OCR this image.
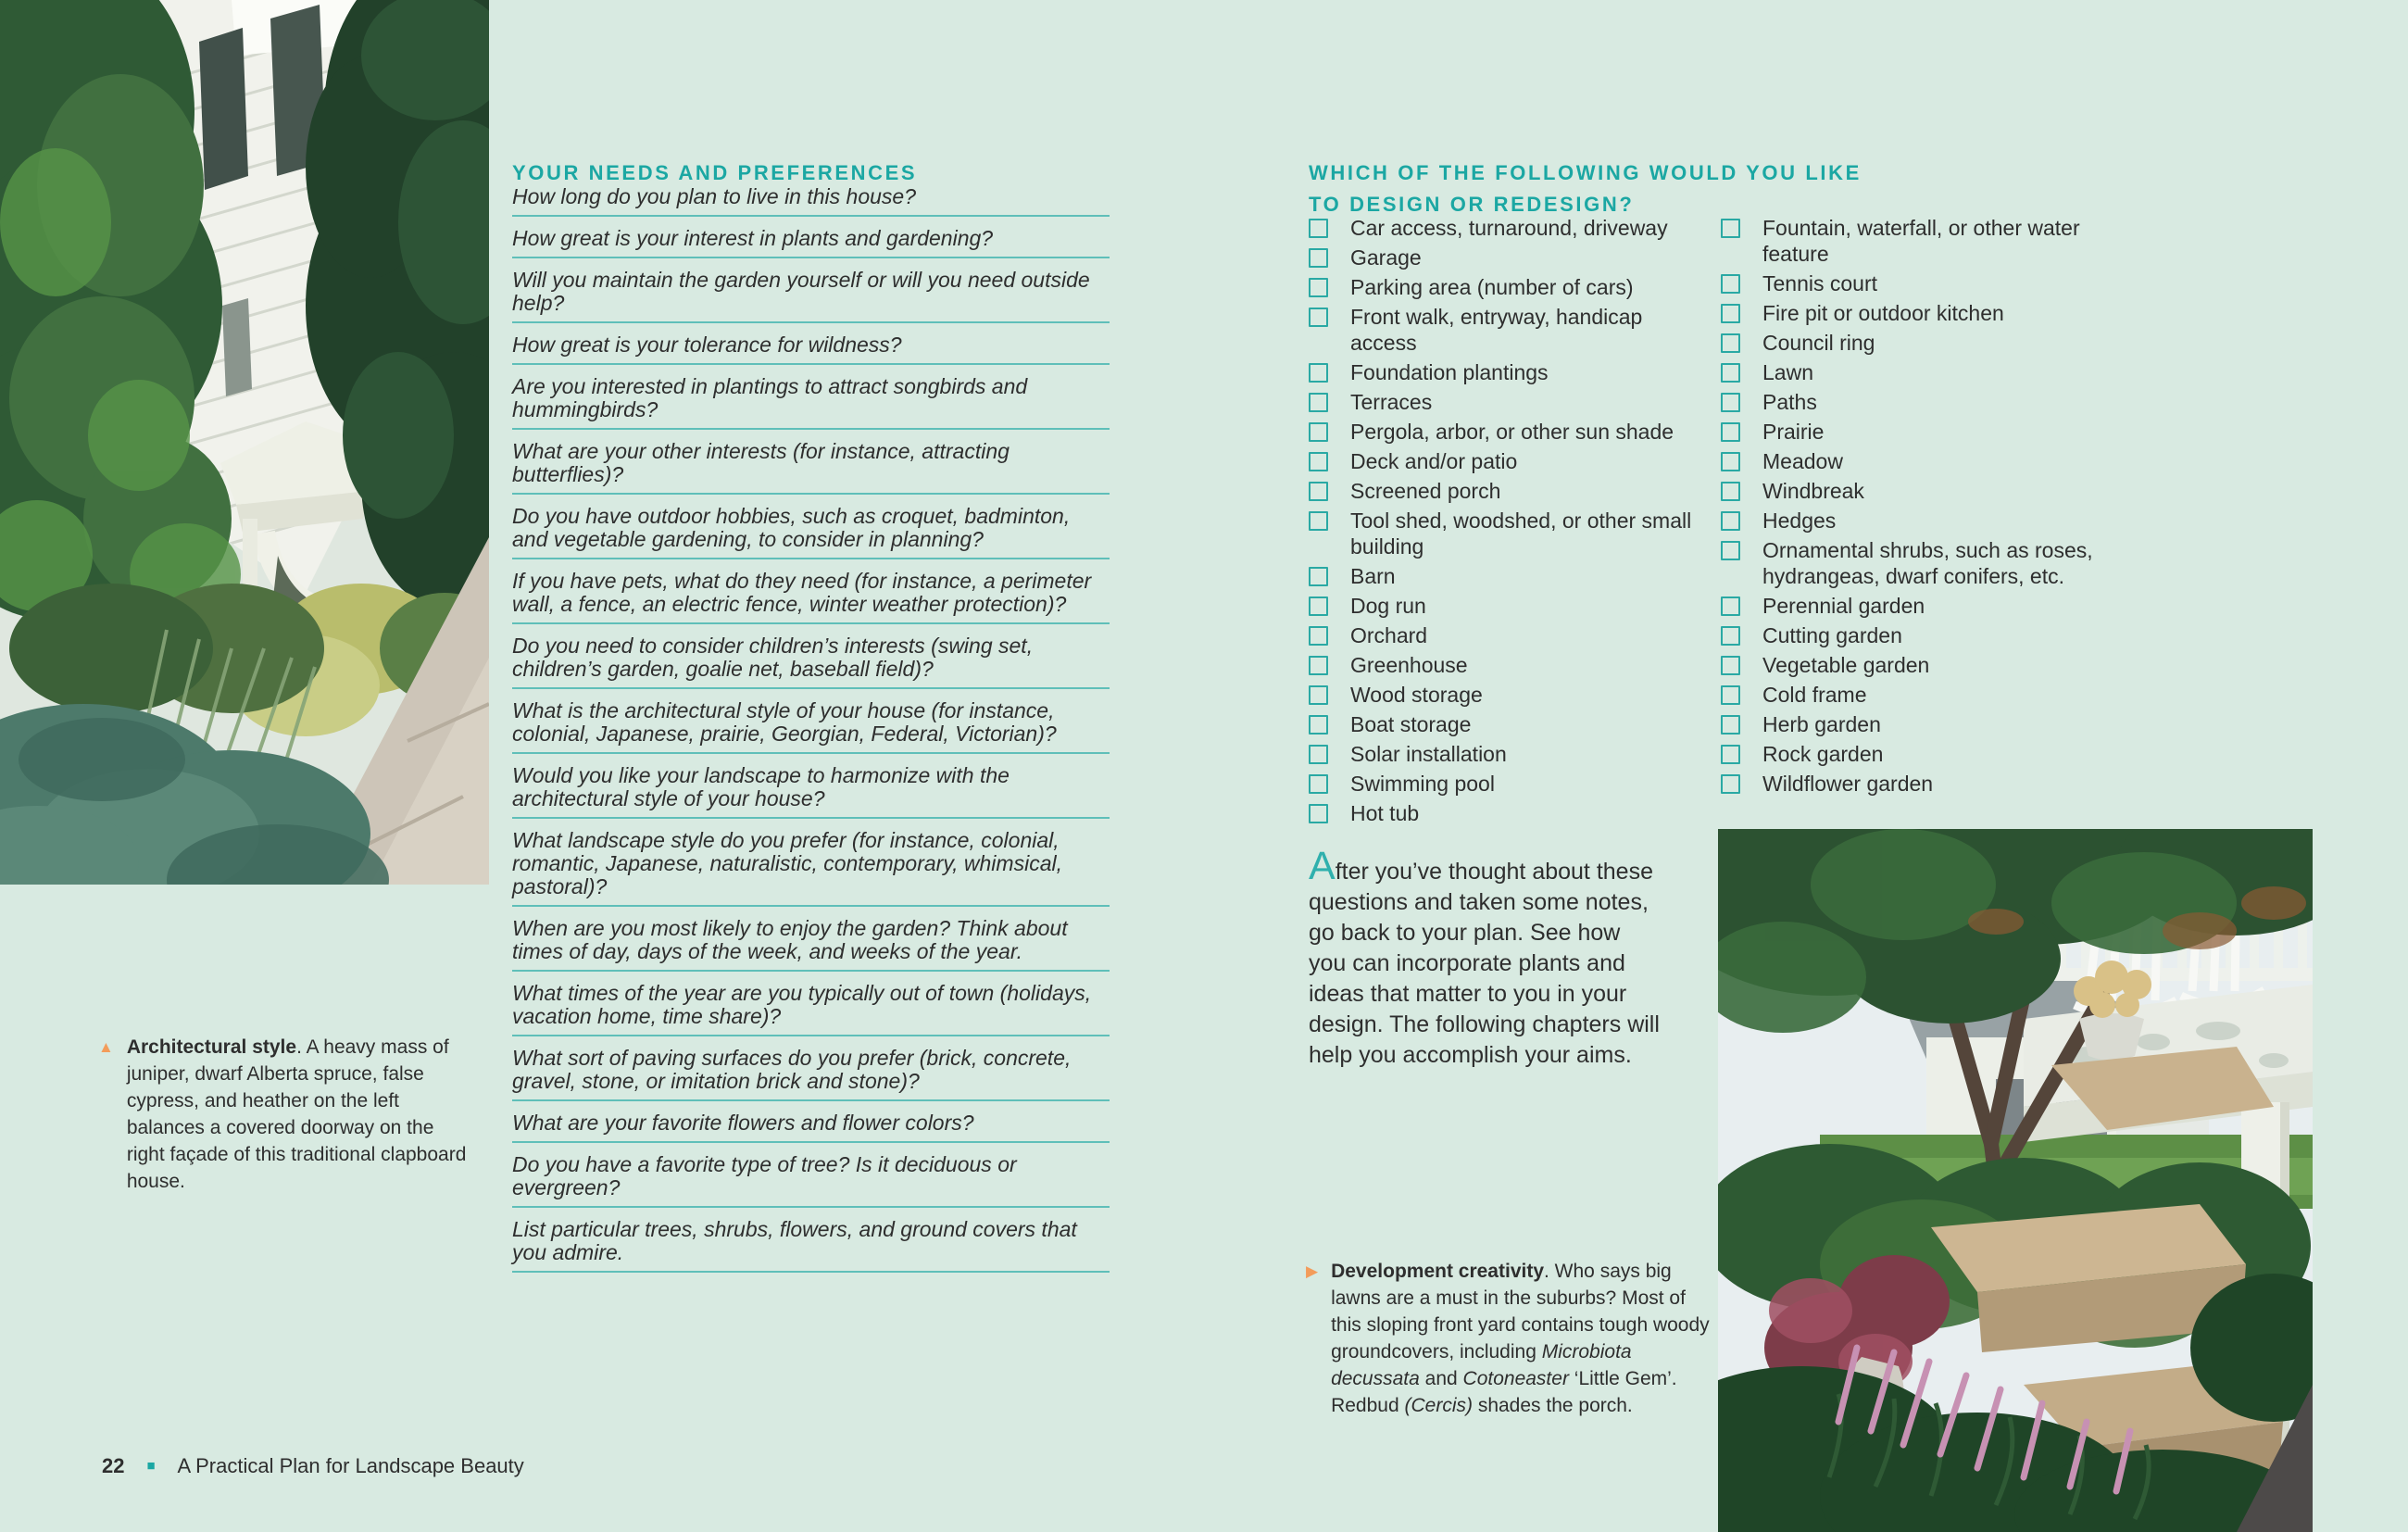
▲ Architectural style. A heavy mass of juniper, dwarf Alberta spruce, false cypress, and heather on the left balances a covered doorway on the right façade of this traditional clapboard house.
YOUR NEEDS AND PREFERENCES
How long do you plan to live in this house?
How great is your interest in plants and gardening?
Will you maintain the garden yourself or will you need outside help?
How great is your tolerance for wildness?
Are you interested in plantings to attract songbirds and hummingbirds?
What are your other interests (for instance, attracting butterflies)?
Do you have outdoor hobbies, such as croquet, badminton, and vegetable gardening, to consider in planning?
If you have pets, what do they need (for instance, a perimeter wall, a fence, an electric fence, winter weather protection)?
Do you need to consider children’s interests (swing set, children’s garden, goalie net, baseball field)?
What is the architectural style of your house (for instance, colonial, Japanese, prairie, Georgian, Federal, Victorian)?
Would you like your landscape to harmonize with the architectural style of your house?
What landscape style do you prefer (for instance, colonial, romantic, Japanese, naturalistic, contemporary, whimsical, pastoral)?
When are you most likely to enjoy the garden? Think about times of day, days of the week, and weeks of the year.
What times of the year are you typically out of town (holidays, vacation home, time share)?
What sort of paving surfaces do you prefer (brick, concrete, gravel, stone, or imitation brick and stone)?
What are your favorite flowers and flower colors?
Do you have a favorite type of tree? Is it deciduous or evergreen?
List particular trees, shrubs, flowers, and ground covers that you admire.
WHICH OF THE FOLLOWING WOULD YOU LIKE
TO DESIGN OR REDESIGN?
Car access, turnaround, driveway
Garage
Parking area (number of cars)
Front walk, entryway, handicap access
Foundation plantings
Terraces
Pergola, arbor, or other sun shade
Deck and/or patio
Screened porch
Tool shed, woodshed, or other small building
Barn
Dog run
Orchard
Greenhouse
Wood storage
Boat storage
Solar installation
Swimming pool
Hot tub
Fountain, waterfall, or other water feature
Tennis court
Fire pit or outdoor kitchen
Council ring
Lawn
Paths
Prairie
Meadow
Windbreak
Hedges
Ornamental shrubs, such as roses, hydrangeas, dwarf conifers, etc.
Perennial garden
Cutting garden
Vegetable garden
Cold frame
Herb garden
Rock garden
Wildflower garden

After you’ve thought about these questions and taken some notes, go back to your plan. See how you can incorporate plants and ideas that matter to you in your design. The following chapters will help you accomplish your aims.

▶ Development creativity. Who says big lawns are a must in the suburbs? Most of this sloping front yard contains tough woody groundcovers, including Microbiota decussata and Cotoneaster ‘Little Gem’. Redbud (Cercis) shades the porch.
22 ■ A Practical Plan for Landscape Beauty
